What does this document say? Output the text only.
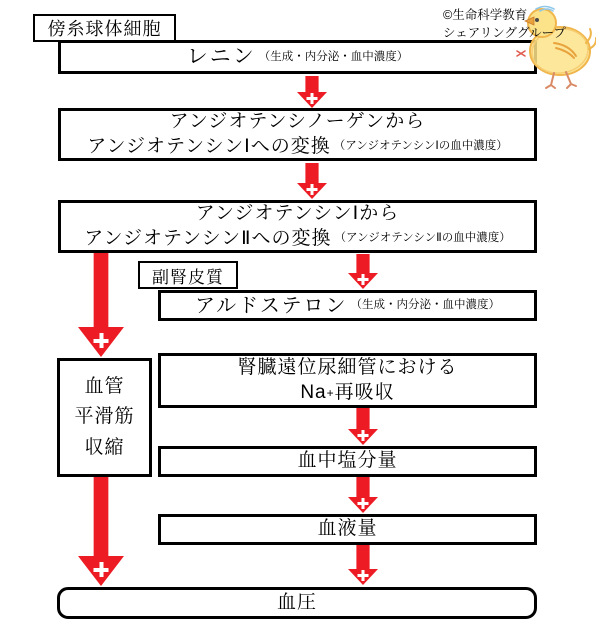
©生命科学教育
シェアリンググループ
傍糸球体細胞
レニン （生成・内分泌・血中濃度）
アンジオテンシノーゲンから
アンジオテンシンⅠへの変換 （アンジオテンシンⅠの血中濃度）
アンジオテンシンⅠから
アンジオテンシンⅡへの変換 （アンジオテンシンⅡの血中濃度）
副腎皮質
アルドステロン （生成・内分泌・血中濃度）
腎臓遠位尿細管における
Na + 再吸収
血管
平滑筋
収縮
血中塩分量
血液量
血圧
